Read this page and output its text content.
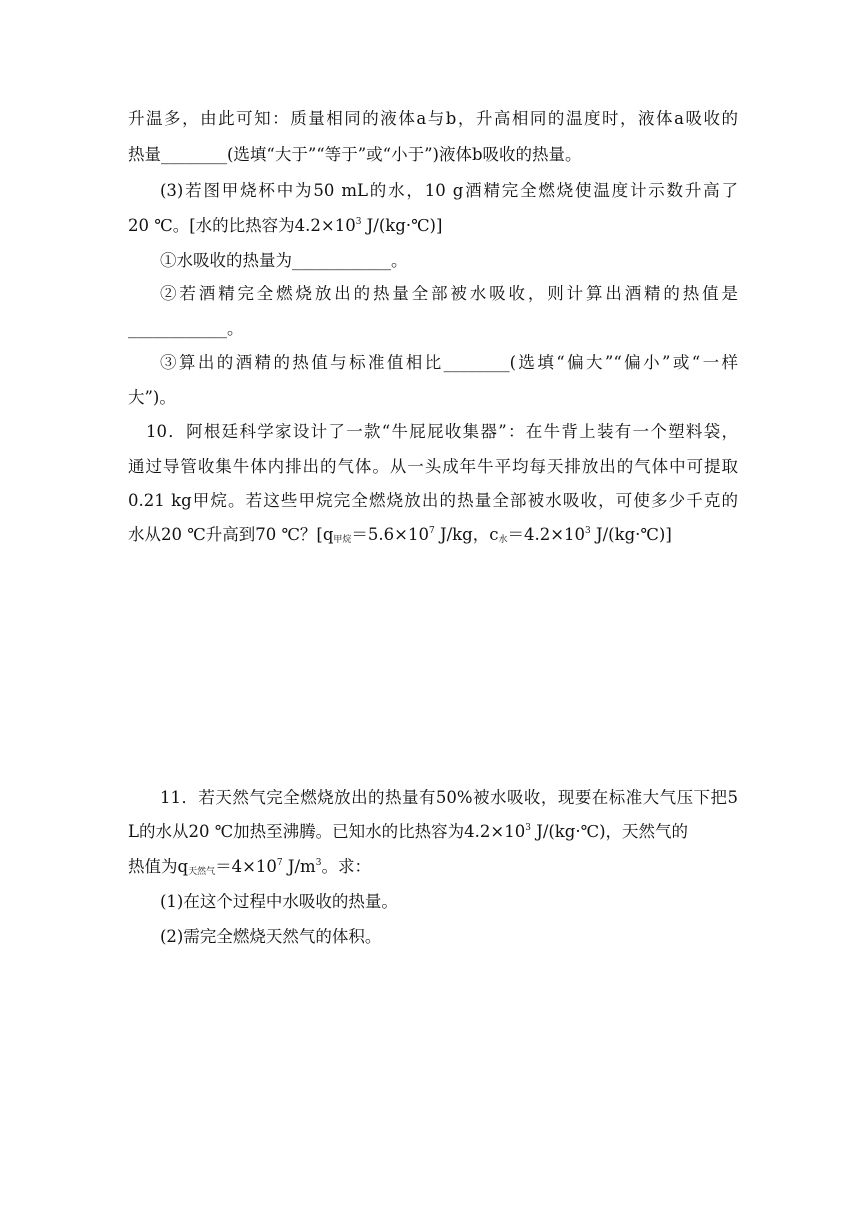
升温多，由此可知：质量相同的液体a与b，升高相同的温度时，液体a吸收的
热量________(选填“大于”“等于”或“小于”)液体b吸收的热量。
(3)若图甲烧杯中为50 mL的水，10 g酒精完全燃烧使温度计示数升高了
20 ℃。[水的比热容为$4.2\times 10^3$ J/(kg·℃)]
①水吸收的热量为____________。
②若酒精完全燃烧放出的热量全部被水吸收，则计算出酒精的热值是
____________。
③算出的酒精的热值与标准值相比________(选填“偏大”“偏小”或“一样
大”)。
10．阿根廷科学家设计了一款“牛屁屁收集器”：在牛背上装有一个塑料袋，
通过导管收集牛体内排出的气体。从一头成年牛平均每天排放出的气体中可提取
0.21 kg甲烷。若这些甲烷完全燃烧放出的热量全部被水吸收，可使多少千克的
水从20 ℃升高到70 ℃？[$q_{甲烷}=5.6\times 10^7$ J/kg，$c_水=4.2\times 10^3$ J/(kg·℃)]
11．若天然气完全燃烧放出的热量有50%被水吸收，现要在标准大气压下把5
L的水从20 ℃加热至沸腾。已知水的比热容为$4.2\times 10^3$ J/(kg·℃)，天然气的
热值为$q_{天然气}=4\times 10^7$ $J/m^3$。求：
(1)在这个过程中水吸收的热量。
(2)需完全燃烧天然气的体积。
